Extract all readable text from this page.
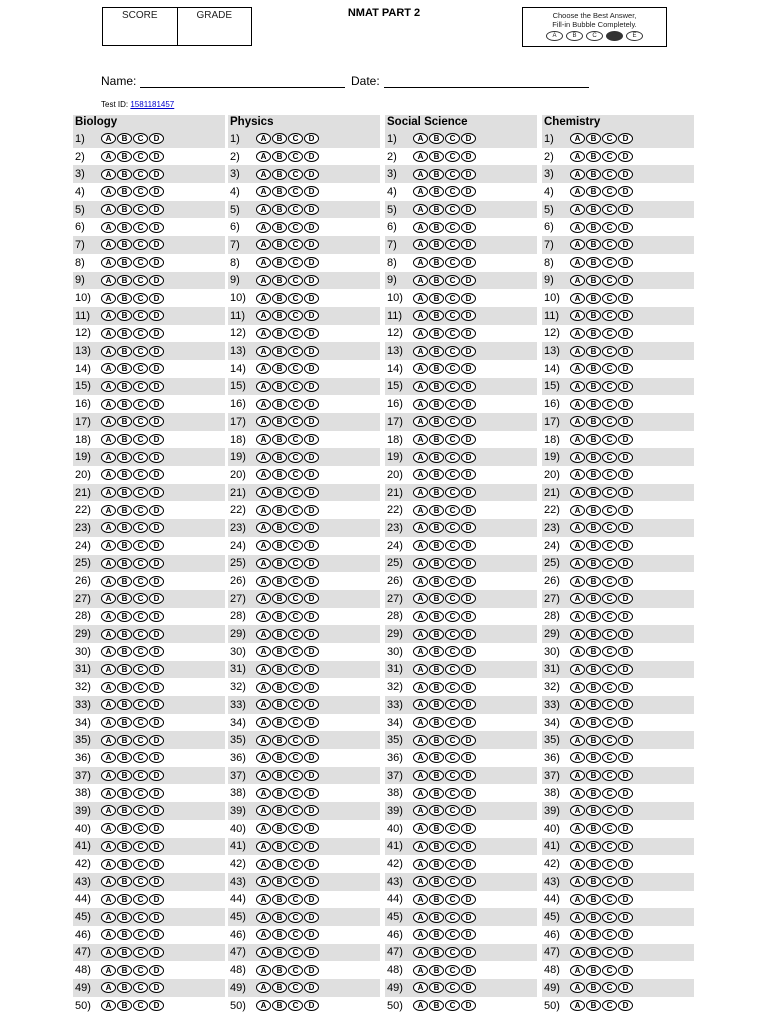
SCORE	GRADE	NMAT PART 2	Choose the Best Answer,
Fill-in Bubble Completely.
A	B	C	D	E
Name:	Date:
Test ID: 1581181457
Biology
1)	A	B	C	D
2)	A	B	C	D
3)	A	B	C	D
4)	A	B	C	D
5)	A	B	C	D
6)	A	B	C	D
7)	A	B	C	D
8)	A	B	C	D
9)	A	B	C	D
10)	A	B	C	D
11)	A	B	C	D
12)	A	B	C	D
13)	A	B	C	D
14)	A	B	C	D
15)	A	B	C	D
16)	A	B	C	D
17)	A	B	C	D
18)	A	B	C	D
19)	A	B	C	D
20)	A	B	C	D
21)	A	B	C	D
22)	A	B	C	D
23)	A	B	C	D
24)	A	B	C	D
25)	A	B	C	D
26)	A	B	C	D
27)	A	B	C	D
28)	A	B	C	D
29)	A	B	C	D
30)	A	B	C	D
31)	A	B	C	D
32)	A	B	C	D
33)	A	B	C	D
34)	A	B	C	D
35)	A	B	C	D
36)	A	B	C	D
37)	A	B	C	D
38)	A	B	C	D
39)	A	B	C	D
40)	A	B	C	D
41)	A	B	C	D
42)	A	B	C	D
43)	A	B	C	D
44)	A	B	C	D
45)	A	B	C	D
46)	A	B	C	D
47)	A	B	C	D
48)	A	B	C	D
49)	A	B	C	D
50)	A	B	C	D
Physics
1)	A	B	C	D
2)	A	B	C	D
3)	A	B	C	D
4)	A	B	C	D
5)	A	B	C	D
6)	A	B	C	D
7)	A	B	C	D
8)	A	B	C	D
9)	A	B	C	D
10)	A	B	C	D
11)	A	B	C	D
12)	A	B	C	D
13)	A	B	C	D
14)	A	B	C	D
15)	A	B	C	D
16)	A	B	C	D
17)	A	B	C	D
18)	A	B	C	D
19)	A	B	C	D
20)	A	B	C	D
21)	A	B	C	D
22)	A	B	C	D
23)	A	B	C	D
24)	A	B	C	D
25)	A	B	C	D
26)	A	B	C	D
27)	A	B	C	D
28)	A	B	C	D
29)	A	B	C	D
30)	A	B	C	D
31)	A	B	C	D
32)	A	B	C	D
33)	A	B	C	D
34)	A	B	C	D
35)	A	B	C	D
36)	A	B	C	D
37)	A	B	C	D
38)	A	B	C	D
39)	A	B	C	D
40)	A	B	C	D
41)	A	B	C	D
42)	A	B	C	D
43)	A	B	C	D
44)	A	B	C	D
45)	A	B	C	D
46)	A	B	C	D
47)	A	B	C	D
48)	A	B	C	D
49)	A	B	C	D
50)	A	B	C	D
Social Science
1)	A	B	C	D
2)	A	B	C	D
3)	A	B	C	D
4)	A	B	C	D
5)	A	B	C	D
6)	A	B	C	D
7)	A	B	C	D
8)	A	B	C	D
9)	A	B	C	D
10)	A	B	C	D
11)	A	B	C	D
12)	A	B	C	D
13)	A	B	C	D
14)	A	B	C	D
15)	A	B	C	D
16)	A	B	C	D
17)	A	B	C	D
18)	A	B	C	D
19)	A	B	C	D
20)	A	B	C	D
21)	A	B	C	D
22)	A	B	C	D
23)	A	B	C	D
24)	A	B	C	D
25)	A	B	C	D
26)	A	B	C	D
27)	A	B	C	D
28)	A	B	C	D
29)	A	B	C	D
30)	A	B	C	D
31)	A	B	C	D
32)	A	B	C	D
33)	A	B	C	D
34)	A	B	C	D
35)	A	B	C	D
36)	A	B	C	D
37)	A	B	C	D
38)	A	B	C	D
39)	A	B	C	D
40)	A	B	C	D
41)	A	B	C	D
42)	A	B	C	D
43)	A	B	C	D
44)	A	B	C	D
45)	A	B	C	D
46)	A	B	C	D
47)	A	B	C	D
48)	A	B	C	D
49)	A	B	C	D
50)	A	B	C	D
Chemistry
1)	A	B	C	D
2)	A	B	C	D
3)	A	B	C	D
4)	A	B	C	D
5)	A	B	C	D
6)	A	B	C	D
7)	A	B	C	D
8)	A	B	C	D
9)	A	B	C	D
10)	A	B	C	D
11)	A	B	C	D
12)	A	B	C	D
13)	A	B	C	D
14)	A	B	C	D
15)	A	B	C	D
16)	A	B	C	D
17)	A	B	C	D
18)	A	B	C	D
19)	A	B	C	D
20)	A	B	C	D
21)	A	B	C	D
22)	A	B	C	D
23)	A	B	C	D
24)	A	B	C	D
25)	A	B	C	D
26)	A	B	C	D
27)	A	B	C	D
28)	A	B	C	D
29)	A	B	C	D
30)	A	B	C	D
31)	A	B	C	D
32)	A	B	C	D
33)	A	B	C	D
34)	A	B	C	D
35)	A	B	C	D
36)	A	B	C	D
37)	A	B	C	D
38)	A	B	C	D
39)	A	B	C	D
40)	A	B	C	D
41)	A	B	C	D
42)	A	B	C	D
43)	A	B	C	D
44)	A	B	C	D
45)	A	B	C	D
46)	A	B	C	D
47)	A	B	C	D
48)	A	B	C	D
49)	A	B	C	D
50)	A	B	C	D
